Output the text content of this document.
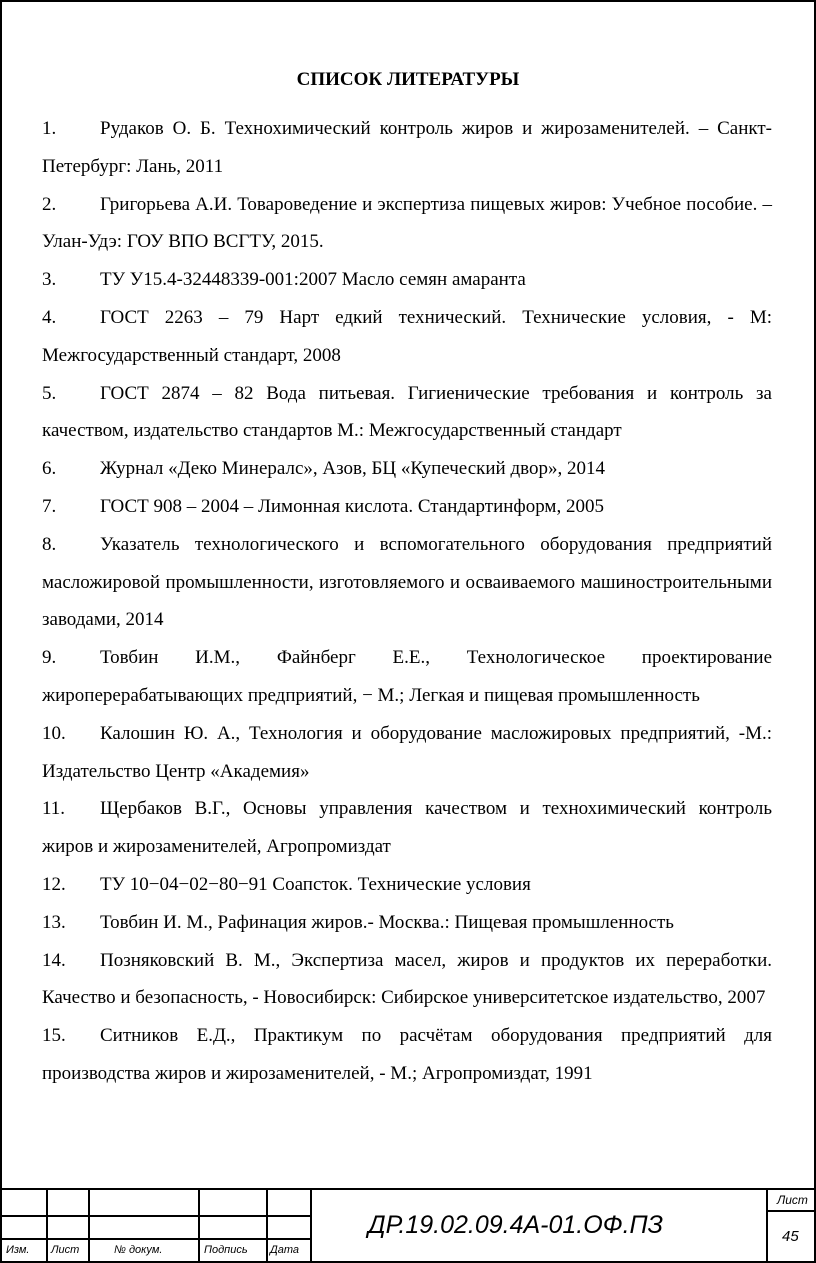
СПИСОК ЛИТЕРАТУРЫ

1. Рудаков О. Б. Технохимический контроль жиров и жирозаменителей. – Санкт-Петербург: Лань, 2011

2. Григорьева А.И. Товароведение и экспертиза пищевых жиров: Учебное пособие. – Улан-Удэ: ГОУ ВПО ВСГТУ, 2015.

3. ТУ У15.4-32448339-001:2007 Масло семян амаранта

4. ГОСТ 2263 – 79 Нарт едкий технический. Технические условия, - М: Межгосударственный стандарт, 2008

5. ГОСТ 2874 – 82 Вода питьевая. Гигиенические требования и контроль за качеством, издательство стандартов М.: Межгосударственный стандарт

6. Журнал «Деко Минералс», Азов, БЦ «Купеческий двор», 2014

7. ГОСТ 908 – 2004 – Лимонная кислота. Стандартинформ, 2005

8. Указатель технологического и вспомогательного оборудования предприятий масложировой промышленности, изготовляемого и осваиваемого машиностроительными заводами, 2014

9. Товбин И.М., Файнберг Е.Е., Технологическое проектирование жироперерабатывающих предприятий, − М.; Легкая и пищевая промышленность

10. Калошин Ю. А., Технология и оборудование масложировых предприятий, -М.: Издательство Центр «Академия»

11. Щербаков В.Г., Основы управления качеством и технохимический контроль жиров и жирозаменителей, Агропромиздат

12. ТУ 10−04−02−80−91 Соапсток. Технические условия

13. Товбин И. М., Рафинация жиров.- Москва.: Пищевая промышленность

14. Позняковский В. М., Экспертиза масел, жиров и продуктов их переработки. Качество и безопасность, - Новосибирск: Сибирское университетское издательство, 2007

15. Ситников Е.Д., Практикум по расчётам оборудования предприятий для производства жиров и жирозаменителей, - М.; Агропромиздат, 1991

Изм. Лист	№ докум.	Подпись Дата
ДР.19.02.09.4А-01.ОФ.ПЗ
Лист
45
